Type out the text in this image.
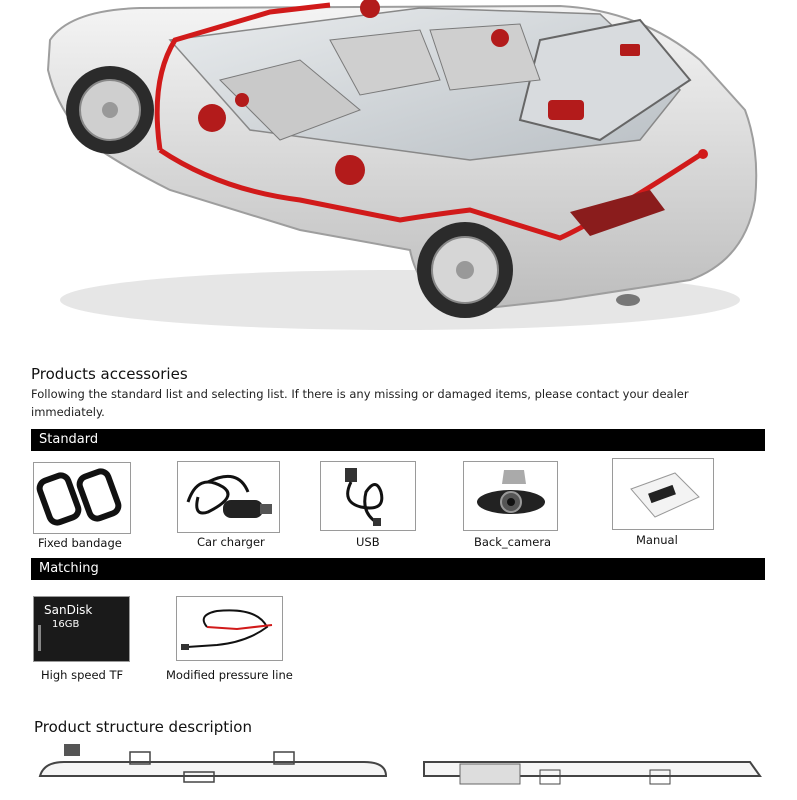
Products accessories
Following the standard list and selecting list. If there is any missing or damaged items, please contact your dealer immediately.
Standard
Fixed bandage	Car charger	USB	Back_camera	Manual
Matching
SanDisk
16GB
High speed TF	Modified pressure line
Product structure description
